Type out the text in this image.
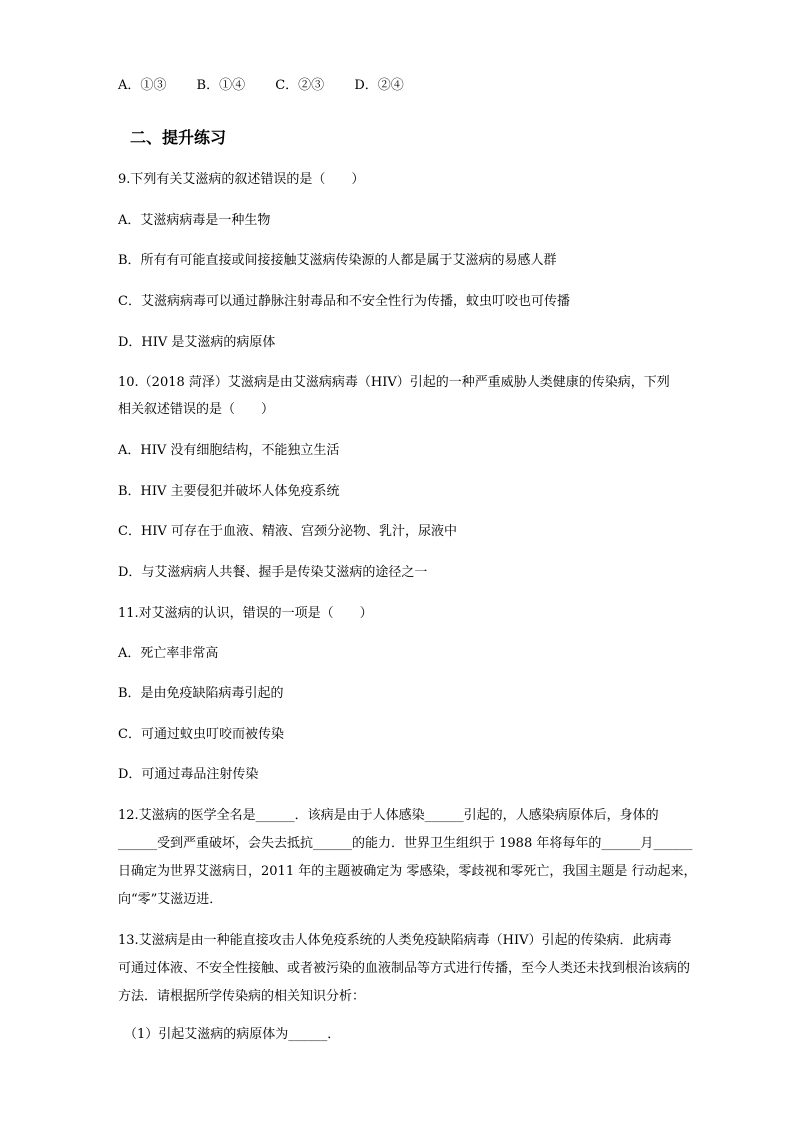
A．①③ B．①④ C．②③ D．②④
二、提升练习
9.下列有关艾滋病的叙述错误的是（　　）
A．艾滋病病毒是一种生物
B．所有有可能直接或间接接触艾滋病传染源的人都是属于艾滋病的易感人群
C．艾滋病病毒可以通过静脉注射毒品和不安全性行为传播，蚊虫叮咬也可传播
D．HIV 是艾滋病的病原体
10.（2018 菏泽）艾滋病是由艾滋病病毒（HIV）引起的一种严重威胁人类健康的传染病，下列
相关叙述错误的是（　　）
A．HIV 没有细胞结构，不能独立生活
B．HIV 主要侵犯并破坏人体免疫系统
C．HIV 可存在于血液、精液、宫颈分泌物、乳汁，尿液中
D．与艾滋病病人共餐、握手是传染艾滋病的途径之一
11.对艾滋病的认识，错误的一项是（　　）
A．死亡率非常高
B．是由免疫缺陷病毒引起的
C．可通过蚊虫叮咬而被传染
D．可通过毒品注射传染
12.艾滋病的医学全名是______．该病是由于人体感染______引起的，人感染病原体后，身体的
______受到严重破坏，会失去抵抗______的能力．世界卫生组织于 1988 年将每年的______月______
日确定为世界艾滋病日，2011 年的主题被确定为 零感染，零歧视和零死亡，我国主题是 行动起来，
向“零”艾滋迈进．
13.艾滋病是由一种能直接攻击人体免疫系统的人类免疫缺陷病毒（HIV）引起的传染病．此病毒
可通过体液、不安全性接触、或者被污染的血液制品等方式进行传播，至今人类还未找到根治该病的
方法．请根据所学传染病的相关知识分析：
（1）引起艾滋病的病原体为______．
